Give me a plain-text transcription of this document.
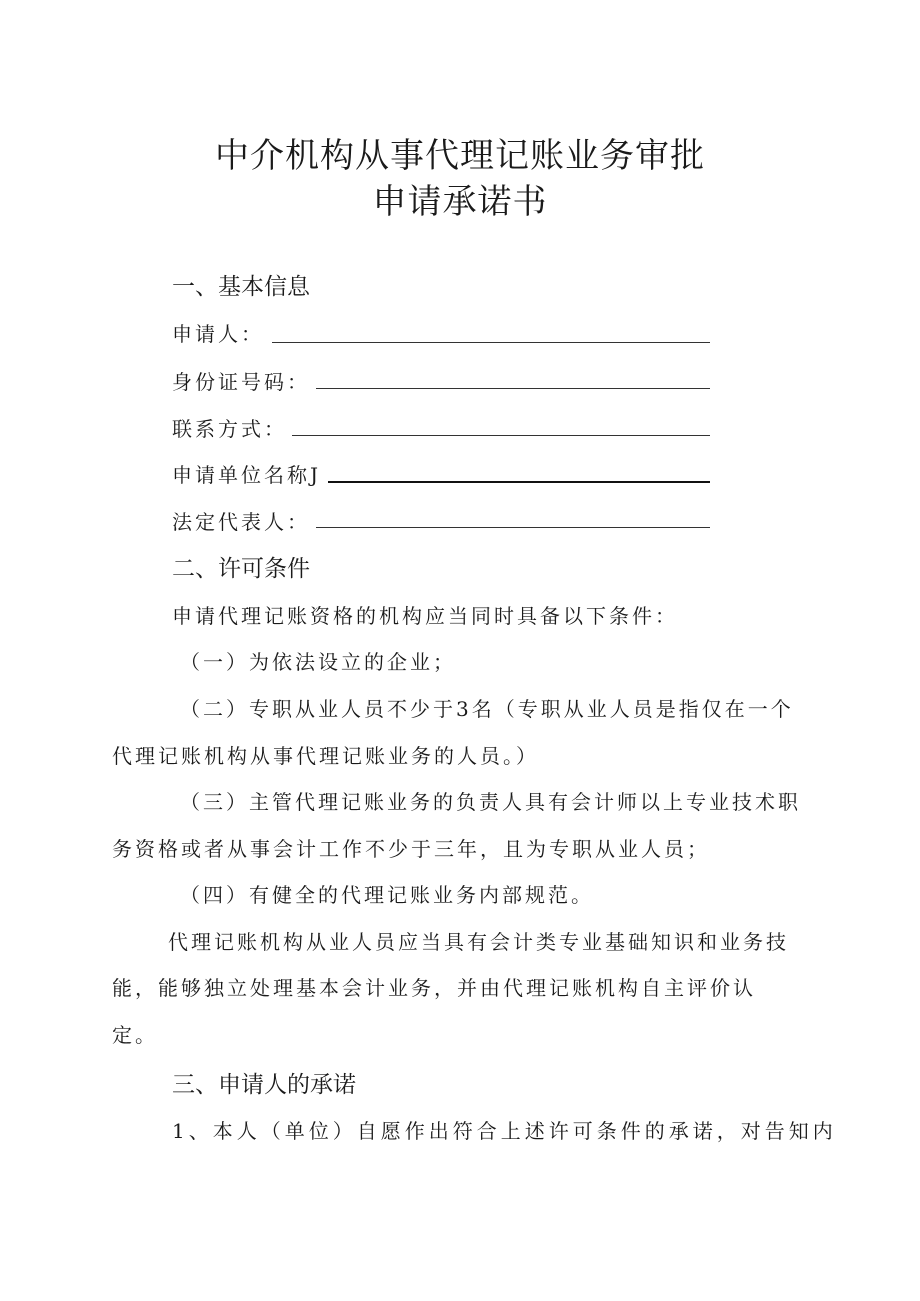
中介机构从事代理记账业务审批
申请承诺书
一、基本信息
申请人：
身份证号码：
联系方式：
申请单位名称J
法定代表人：
二、许可条件
申请代理记账资格的机构应当同时具备以下条件：
（一）为依法设立的企业；
（二）专职从业人员不少于3名（专职从业人员是指仅在一个
代理记账机构从事代理记账业务的人员。）
（三）主管代理记账业务的负责人具有会计师以上专业技术职
务资格或者从事会计工作不少于三年，且为专职从业人员；
（四）有健全的代理记账业务内部规范。
代理记账机构从业人员应当具有会计类专业基础知识和业务技
能，能够独立处理基本会计业务，并由代理记账机构自主评价认
定。
三、申请人的承诺
1、本人（单位）自愿作出符合上述许可条件的承诺，对告知内
